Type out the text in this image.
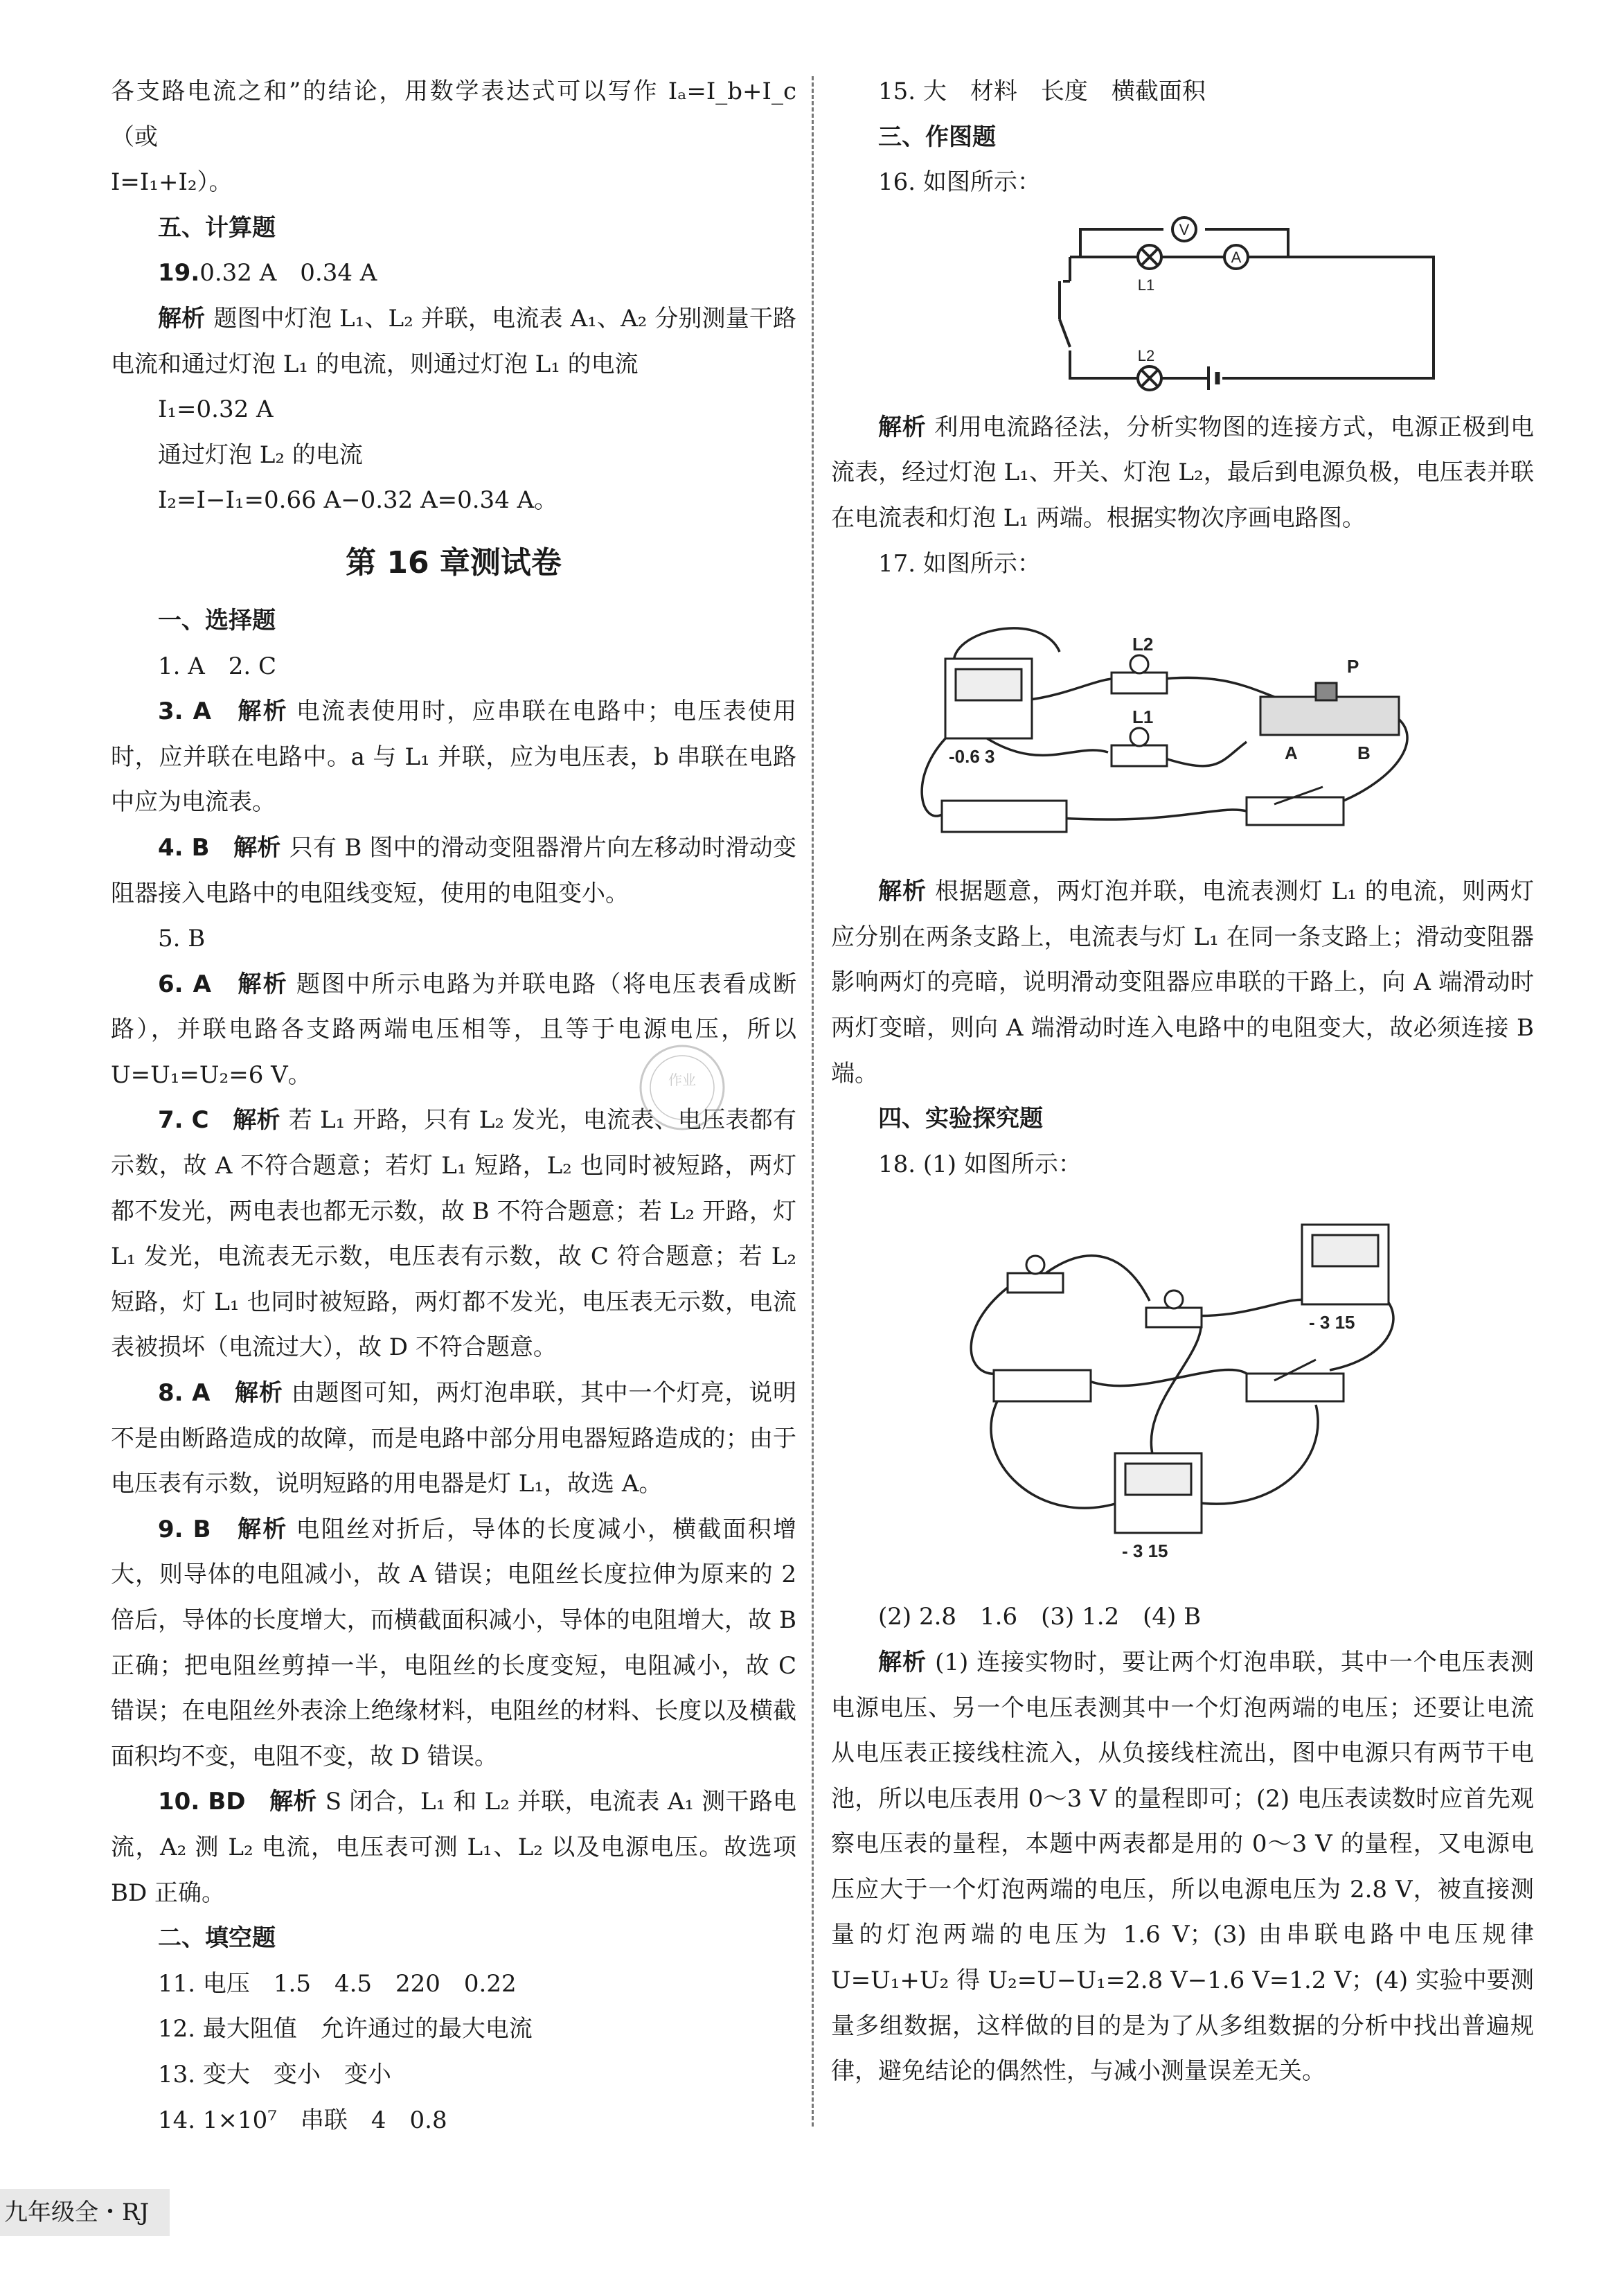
各支路电流之和”的结论，用数学表达式可以写作 Iₐ=I_b+I_c（或
I=I₁+I₂）。
五、计算题
19.0.32 A　0.34 A
解析 题图中灯泡 L₁、L₂ 并联，电流表 A₁、A₂ 分别测量干路电流和通过灯泡 L₁ 的电流，则通过灯泡 L₁ 的电流
I₁=0.32 A
通过灯泡 L₂ 的电流
I₂=I−I₁=0.66 A−0.32 A=0.34 A。
第 16 章测试卷
一、选择题
1. A　2. C
3. A　 解析 电流表使用时，应串联在电路中；电压表使用时，应并联在电路中。a 与 L₁ 并联，应为电压表，b 串联在电路中应为电流表。
4. B　 解析 只有 B 图中的滑动变阻器滑片向左移动时滑动变阻器接入电路中的电阻线变短，使用的电阻变小。
5. B
6. A　 解析 题图中所示电路为并联电路（将电压表看成断路），并联电路各支路两端电压相等，且等于电源电压，所以 U=U₁=U₂=6 V。
7. C　 解析 若 L₁ 开路，只有 L₂ 发光，电流表、电压表都有示数，故 A 不符合题意；若灯 L₁ 短路，L₂ 也同时被短路，两灯都不发光，两电表也都无示数，故 B 不符合题意；若 L₂ 开路，灯 L₁ 发光，电流表无示数，电压表有示数，故 C 符合题意；若 L₂ 短路，灯 L₁ 也同时被短路，两灯都不发光，电压表无示数，电流表被损坏（电流过大），故 D 不符合题意。
8. A　 解析 由题图可知，两灯泡串联，其中一个灯亮，说明不是由断路造成的故障，而是电路中部分用电器短路造成的；由于电压表有示数，说明短路的用电器是灯 L₁，故选 A。
9. B　 解析 电阻丝对折后，导体的长度减小，横截面积增大，则导体的电阻减小，故 A 错误；电阻丝长度拉伸为原来的 2 倍后，导体的长度增大，而横截面积减小，导体的电阻增大，故 B 正确；把电阻丝剪掉一半，电阻丝的长度变短，电阻减小，故 C 错误；在电阻丝外表涂上绝缘材料，电阻丝的材料、长度以及横截面积均不变，电阻不变，故 D 错误。
10. BD　 解析 S 闭合，L₁ 和 L₂ 并联，电流表 A₁ 测干路电流，A₂ 测 L₂ 电流，电压表可测 L₁、L₂ 以及电源电压。故选项 BD 正确。
二、填空题
11. 电压　1.5　4.5　220　0.22
12. 最大阻值　允许通过的最大电流
13. 变大　变小　变小
14. 1×10⁷　串联　4　0.8
15. 大　材料　长度　横截面积
三、作图题
16. 如图所示：
V
A
L1
L2
解析 利用电流路径法，分析实物图的连接方式，电源正极到电流表，经过灯泡 L₁、开关、灯泡 L₂，最后到电源负极，电压表并联在电流表和灯泡 L₁ 两端。根据实物次序画电路图。
17. 如图所示：
L2
L1
P
A	B
-0.6 3
解析 根据题意，两灯泡并联，电流表测灯 L₁ 的电流，则两灯应分别在两条支路上，电流表与灯 L₁ 在同一条支路上；滑动变阻器影响两灯的亮暗，说明滑动变阻器应串联的干路上，向 A 端滑动时两灯变暗，则向 A 端滑动时连入电路中的电阻变大，故必须连接 B 端。
四、实验探究题
18. (1) 如图所示：
- 3 15
- 3 15
(2) 2.8　1.6　(3) 1.2　(4) B
解析 (1) 连接实物时，要让两个灯泡串联，其中一个电压表测电源电压、另一个电压表测其中一个灯泡两端的电压；还要让电流从电压表正接线柱流入，从负接线柱流出，图中电源只有两节干电池，所以电压表用 0～3 V 的量程即可；(2) 电压表读数时应首先观察电压表的量程，本题中两表都是用的 0～3 V 的量程，又电源电压应大于一个灯泡两端的电压，所以电源电压为 2.8 V，被直接测量的灯泡两端的电压为 1.6 V；(3) 由串联电路中电压规律 U=U₁+U₂ 得 U₂=U−U₁=2.8 V−1.6 V=1.2 V；(4) 实验中要测量多组数据，这样做的目的是为了从多组数据的分析中找出普遍规律，避免结论的偶然性，与减小测量误差无关。
作业
九年级全・RJ
